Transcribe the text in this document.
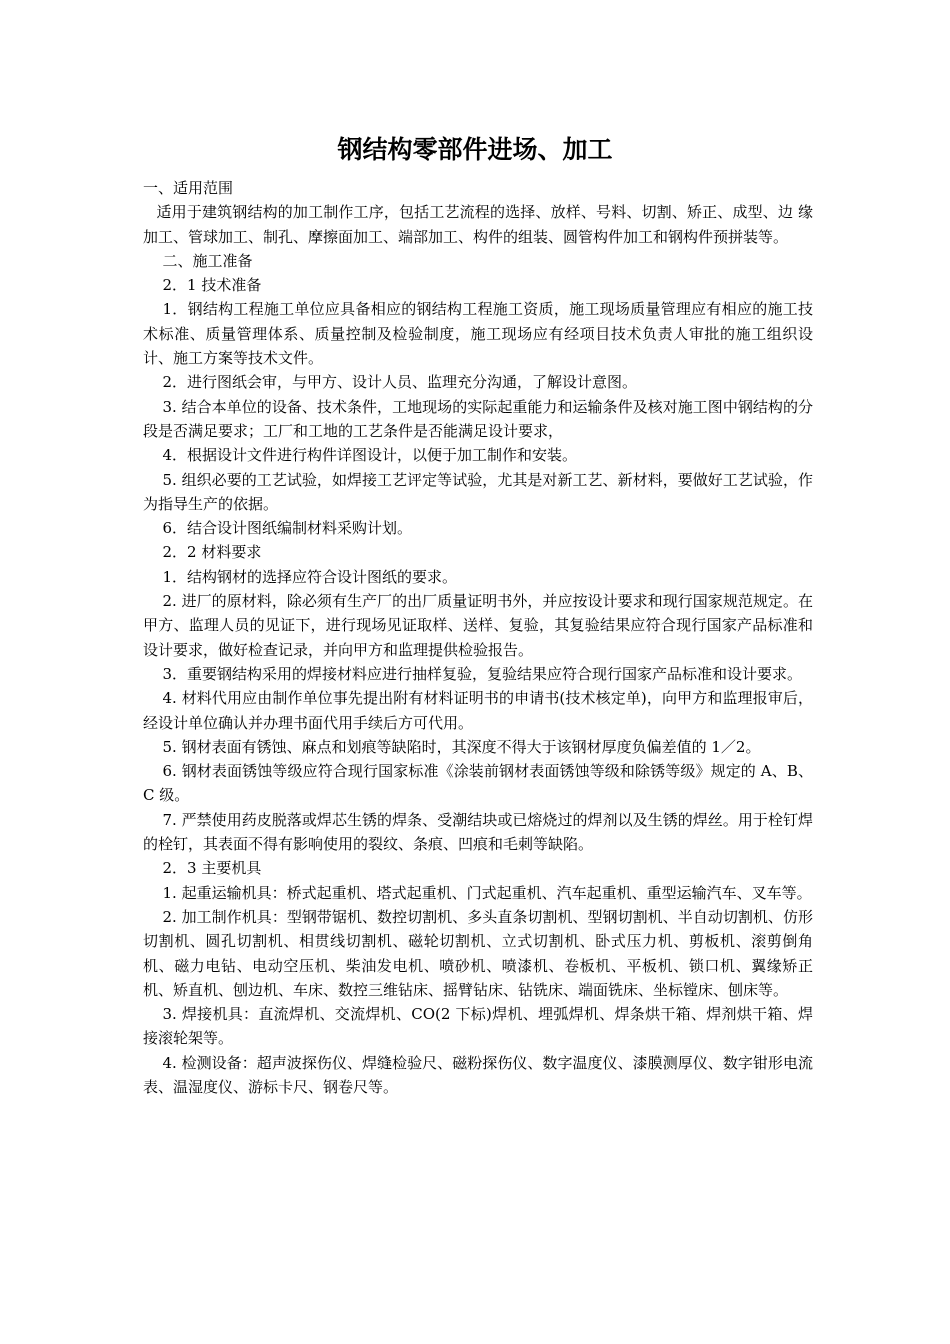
钢结构零部件进场、加工

一、适用范围

适用于建筑钢结构的加工制作工序，包括工艺流程的选择、放样、号料、切割、矫正、成型、边 缘加工、管球加工、制孔、摩擦面加工、端部加工、构件的组装、圆管构件加工和钢构件预拼装等。

二、施工准备

2．1 技术准备

1．钢结构工程施工单位应具备相应的钢结构工程施工资质，施工现场质量管理应有相应的施工技术标准、质量管理体系、质量控制及检验制度，施工现场应有经项目技术负责人审批的施工组织设计、施工方案等技术文件。

2．进行图纸会审，与甲方、设计人员、监理充分沟通，了解设计意图。

3. 结合本单位的设备、技术条件，工地现场的实际起重能力和运输条件及核对施工图中钢结构的分段是否满足要求；工厂和工地的工艺条件是否能满足设计要求，

4．根据设计文件进行构件详图设计，以便于加工制作和安装。

5. 组织必要的工艺试验，如焊接工艺评定等试验，尤其是对新工艺、新材料，要做好工艺试验，作为指导生产的依据。

6．结合设计图纸编制材料采购计划。

2．2 材料要求

1．结构钢材的选择应符合设计图纸的要求。

2. 进厂的原材料，除必须有生产厂的出厂质量证明书外，并应按设计要求和现行国家规范规定。在甲方、监理人员的见证下，进行现场见证取样、送样、复验，其复验结果应符合现行国家产品标准和设计要求，做好检查记录，并向甲方和监理提供检验报告。

3．重要钢结构采用的焊接材料应进行抽样复验，复验结果应符合现行国家产品标准和设计要求。

4. 材料代用应由制作单位事先提出附有材料证明书的申请书(技术核定单)，向甲方和监理报审后，经设计单位确认并办理书面代用手续后方可代用。

5. 钢材表面有锈蚀、麻点和划痕等缺陷时，其深度不得大于该钢材厚度负偏差值的 1／2。

6. 钢材表面锈蚀等级应符合现行国家标准《涂装前钢材表面锈蚀等级和除锈等级》规定的 A、B、C 级。

7. 严禁使用药皮脱落或焊芯生锈的焊条、受潮结块或已熔烧过的焊剂以及生锈的焊丝。用于栓钉焊的栓钉，其表面不得有影响使用的裂纹、条痕、凹痕和毛刺等缺陷。

2．3 主要机具

1. 起重运输机具：桥式起重机、塔式起重机、门式起重机、汽车起重机、重型运输汽车、叉车等。

2. 加工制作机具：型钢带锯机、数控切割机、多头直条切割机、型钢切割机、半自动切割机、仿形切割机、圆孔切割机、相贯线切割机、磁轮切割机、立式切割机、卧式压力机、剪板机、滚剪倒角机、磁力电钻、电动空压机、柴油发电机、喷砂机、喷漆机、卷板机、平板机、锁口机、翼缘矫正机、矫直机、刨边机、车床、数控三维钻床、摇臂钻床、钻铣床、端面铣床、坐标镗床、刨床等。

3. 焊接机具：直流焊机、交流焊机、CO(2 下标)焊机、埋弧焊机、焊条烘干箱、焊剂烘干箱、焊接滚轮架等。

4. 检测设备：超声波探伤仪、焊缝检验尺、磁粉探伤仪、数字温度仪、漆膜测厚仪、数字钳形电流表、温湿度仪、游标卡尺、钢卷尺等。
